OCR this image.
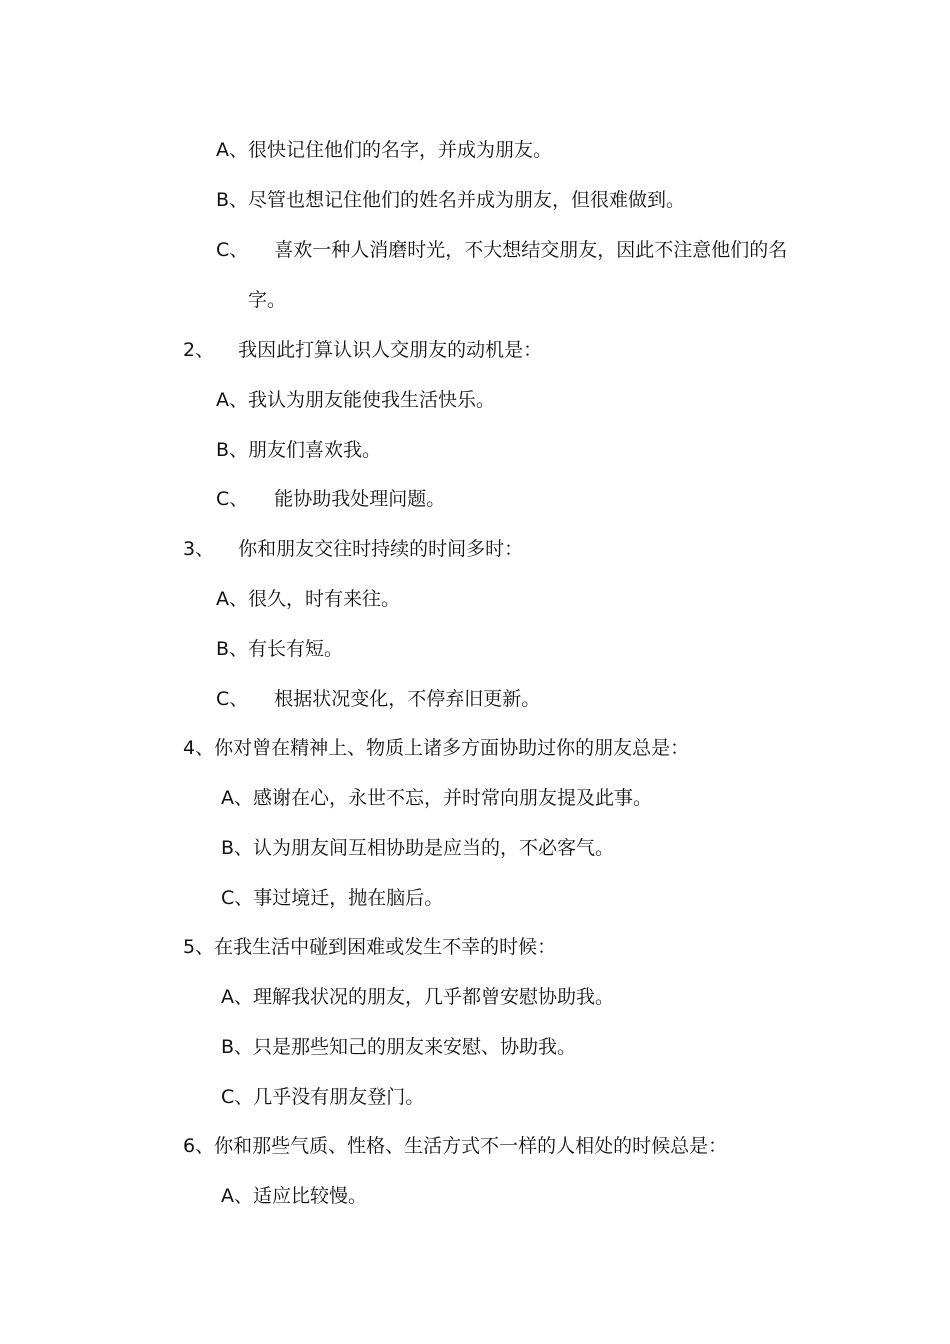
A、很快记住他们的名字，并成为朋友。
B、尽管也想记住他们的姓名并成为朋友，但很难做到。
C、 喜欢一种人消磨时光，不大想结交朋友，因此不注意他们的名
字。
2、 我因此打算认识人交朋友的动机是：
A、我认为朋友能使我生活快乐。
B、朋友们喜欢我。
C、 能协助我处理问题。
3、 你和朋友交往时持续的时间多时：
A、很久，时有来往。
B、有长有短。
C、 根据状况变化，不停弃旧更新。
4、你对曾在精神上、物质上诸多方面协助过你的朋友总是：
A、感谢在心，永世不忘，并时常向朋友提及此事。
B、认为朋友间互相协助是应当的，不必客气。
C、事过境迁，抛在脑后。
5、在我生活中碰到困难或发生不幸的时候：
A、理解我状况的朋友，几乎都曾安慰协助我。
B、只是那些知己的朋友来安慰、协助我。
C、几乎没有朋友登门。
6、你和那些气质、性格、生活方式不一样的人相处的时候总是：
A、适应比较慢。
